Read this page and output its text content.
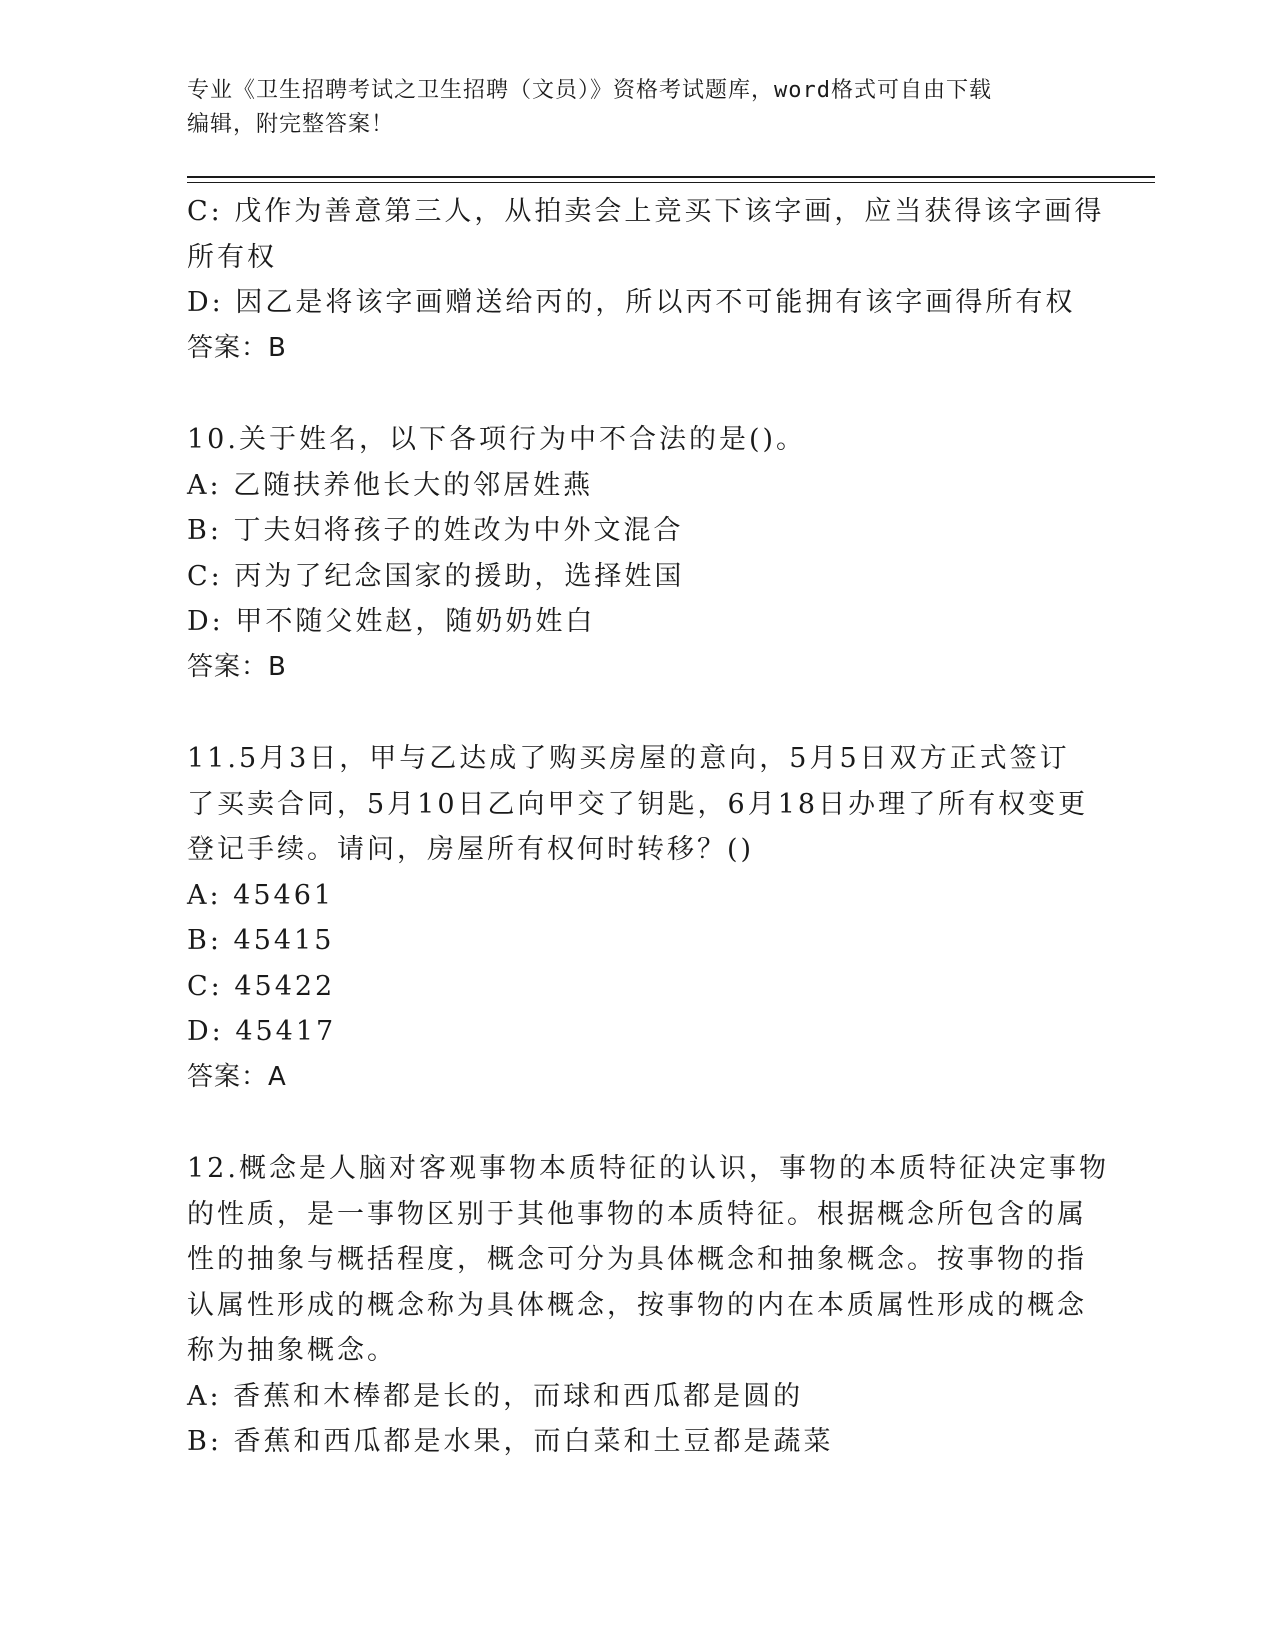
专业《卫生招聘考试之卫生招聘（文员）》资格考试题库，word格式可自由下载
编辑，附完整答案！
C: 戊作为善意第三人，从拍卖会上竞买下该字画，应当获得该字画得
所有权
D: 因乙是将该字画赠送给丙的，所以丙不可能拥有该字画得所有权
答案：B
10.关于姓名，以下各项行为中不合法的是()。
A: 乙随扶养他长大的邻居姓燕
B: 丁夫妇将孩子的姓改为中外文混合
C: 丙为了纪念国家的援助，选择姓国
D: 甲不随父姓赵，随奶奶姓白
答案：B
11.5月3日，甲与乙达成了购买房屋的意向，5月5日双方正式签订
了买卖合同，5月10日乙向甲交了钥匙，6月18日办理了所有权变更
登记手续。请问，房屋所有权何时转移？()
A: 45461
B: 45415
C: 45422
D: 45417
答案：A
12.概念是人脑对客观事物本质特征的认识，事物的本质特征决定事物
的性质，是一事物区别于其他事物的本质特征。根据概念所包含的属
性的抽象与概括程度，概念可分为具体概念和抽象概念。按事物的指
认属性形成的概念称为具体概念，按事物的内在本质属性形成的概念
称为抽象概念。
A: 香蕉和木棒都是长的，而球和西瓜都是圆的
B: 香蕉和西瓜都是水果，而白菜和土豆都是蔬菜
